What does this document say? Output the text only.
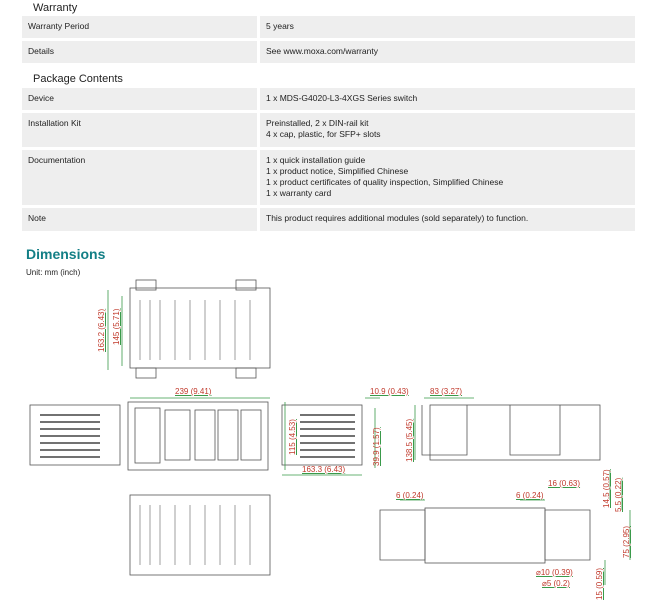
Warranty
Warranty Period	5 years
Details	See www.moxa.com/warranty
Package Contents
Device	1 x MDS-G4020-L3-4XGS Series switch
Installation Kit	Preinstalled, 2 x DIN-rail kit
4 x cap, plastic, for SFP+ slots
Documentation	1 x quick installation guide
1 x product notice, Simplified Chinese
1 x product certificates of quality inspection, Simplified Chinese
1 x warranty card
Note	This product requires additional modules (sold separately) to function.
Dimensions
Unit: mm (inch)
163.2 (6.43) 145 (5.71)
239 (9.41)
115 (4.53)
10.9 (0.43)
39.9 (1.57)
163.3 (6.43)
83 (3.27)
138.5 (5.45)
16 (0.63)	14.5 (0.57) 5.5 (0.22)
6 (0.24)	6 (0.24)
75 (2.95)
⌀10 (0.39)
⌀5 (0.2)	15 (0.59)
